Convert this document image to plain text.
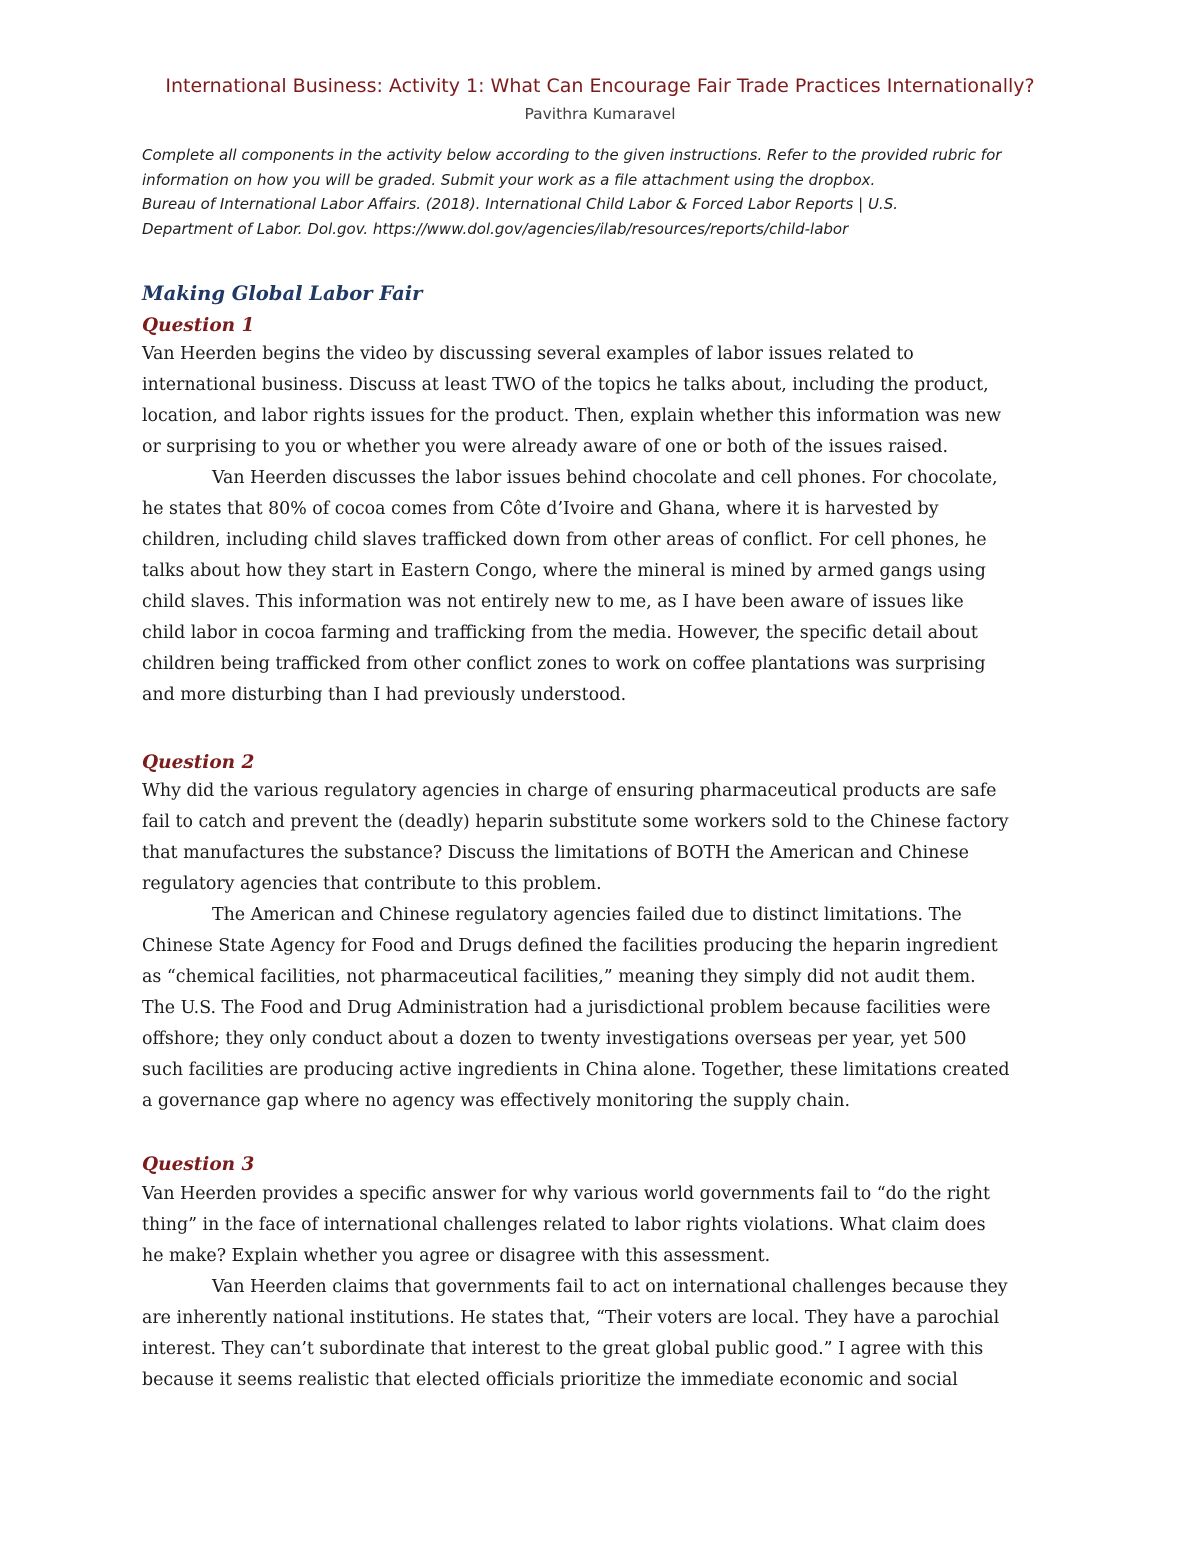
International Business: Activity 1: What Can Encourage Fair Trade Practices Internationally?
Pavithra Kumaravel

Complete all components in the activity below according to the given instructions. Refer to the provided rubric for

information on how you will be graded. Submit your work as a file attachment using the dropbox.

Bureau of International Labor Affairs. (2018). International Child Labor & Forced Labor Reports | U.S.

Department of Labor. Dol.gov. https://www.dol.gov/agencies/ilab/resources/reports/child-labor

Making Global Labor Fair
Question 1
Van Heerden begins the video by discussing several examples of labor issues related to
international business. Discuss at least TWO of the topics he talks about, including the product,
location, and labor rights issues for the product. Then, explain whether this information was new
or surprising to you or whether you were already aware of one or both of the issues raised.
Van Heerden discusses the labor issues behind chocolate and cell phones. For chocolate,
he states that 80% of cocoa comes from Côte d’Ivoire and Ghana, where it is harvested by
children, including child slaves trafficked down from other areas of conflict. For cell phones, he
talks about how they start in Eastern Congo, where the mineral is mined by armed gangs using
child slaves. This information was not entirely new to me, as I have been aware of issues like
child labor in cocoa farming and trafficking from the media. However, the specific detail about
children being trafficked from other conflict zones to work on coffee plantations was surprising
and more disturbing than I had previously understood.
Question 2
Why did the various regulatory agencies in charge of ensuring pharmaceutical products are safe
fail to catch and prevent the (deadly) heparin substitute some workers sold to the Chinese factory
that manufactures the substance? Discuss the limitations of BOTH the American and Chinese
regulatory agencies that contribute to this problem.
The American and Chinese regulatory agencies failed due to distinct limitations. The
Chinese State Agency for Food and Drugs defined the facilities producing the heparin ingredient
as “chemical facilities, not pharmaceutical facilities,” meaning they simply did not audit them.
The U.S. The Food and Drug Administration had a jurisdictional problem because facilities were
offshore; they only conduct about a dozen to twenty investigations overseas per year, yet 500
such facilities are producing active ingredients in China alone. Together, these limitations created
a governance gap where no agency was effectively monitoring the supply chain.
Question 3
Van Heerden provides a specific answer for why various world governments fail to “do the right
thing” in the face of international challenges related to labor rights violations. What claim does
he make? Explain whether you agree or disagree with this assessment.
Van Heerden claims that governments fail to act on international challenges because they
are inherently national institutions. He states that, “Their voters are local. They have a parochial
interest. They can’t subordinate that interest to the great global public good.” I agree with this
because it seems realistic that elected officials prioritize the immediate economic and social
